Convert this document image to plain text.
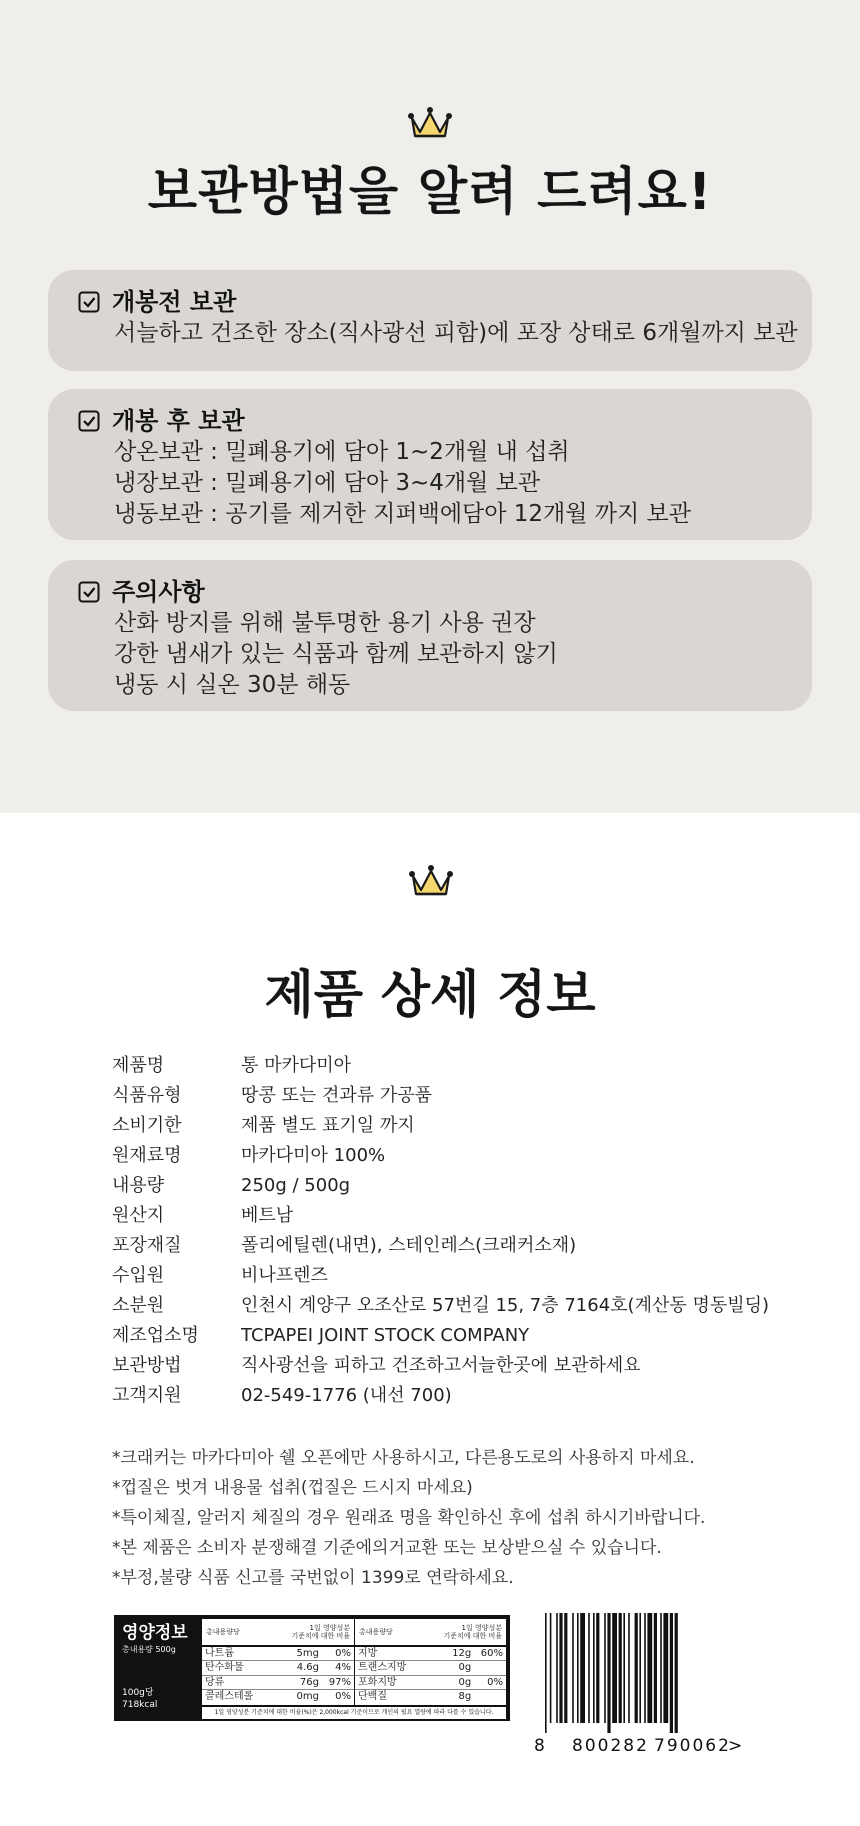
보관방법을 알려 드려요!
개봉전 보관
서늘하고 건조한 장소(직사광선 피함)에 포장 상태로 6개월까지 보관
개봉 후 보관
상온보관 : 밀폐용기에 담아 1~2개월 내 섭취
냉장보관 : 밀폐용기에 담아 3~4개월 보관
냉동보관 : 공기를 제거한 지퍼백에담아 12개월 까지 보관
주의사항
산화 방지를 위해 불투명한 용기 사용 권장
강한 냄새가 있는 식품과 함께 보관하지 않기
냉동 시 실온 30분 해동
제품 상세 정보
제품명	통 마카다미아
식품유형	땅콩 또는 견과류 가공품
소비기한	제품 별도 표기일 까지
원재료명	마카다미아 100%
내용량	250g / 500g
원산지	베트남
포장재질	폴리에틸렌(내면), 스테인레스(크래커소재)
수입원	비나프렌즈
소분원	인천시 계양구 오조산로 57번길 15, 7층 7164호(계산동 명동빌딩)
제조업소명	TCPAPEI JOINT STOCK COMPANY
보관방법	직사광선을 피하고 건조하고서늘한곳에 보관하세요
고객지원	02-549-1776 (내선 700)
*크래커는 마카다미아 쉘 오픈에만 사용하시고, 다른용도로의 사용하지 마세요.
*껍질은 벗겨 내용물 섭취(껍질은 드시지 마세요)
*특이체질, 알러지 체질의 경우 원래죠 명을 확인하신 후에 섭취 하시기바랍니다.
*본 제품은 소비자 분쟁해결 기준에의거교환 또는 보상받으실 수 있습니다.
*부정,불량 식품 신고를 국번없이 1399로 연락하세요.
영양정보
총내용량 500g
100g당
718kcal
총내용량당	1일 영양성분
기준치에 대한 비율
나트륨	5mg	0%
탄수화물	4.6g	4%
당류	76g 97%
콜레스테롤	0mg	0%
총내용량당	1일 영양성분
기준치에 대한 비율
지방	12g 60%
트랜스지방	0g
포화지방	0g	0%
단백질	8g
1일 영양성분 기준치에 대한 비율(%)은 2,000kcal 기준이므로 개인의 필요 열량에 따라 다를 수 있습니다.
8 800282 790062
>
